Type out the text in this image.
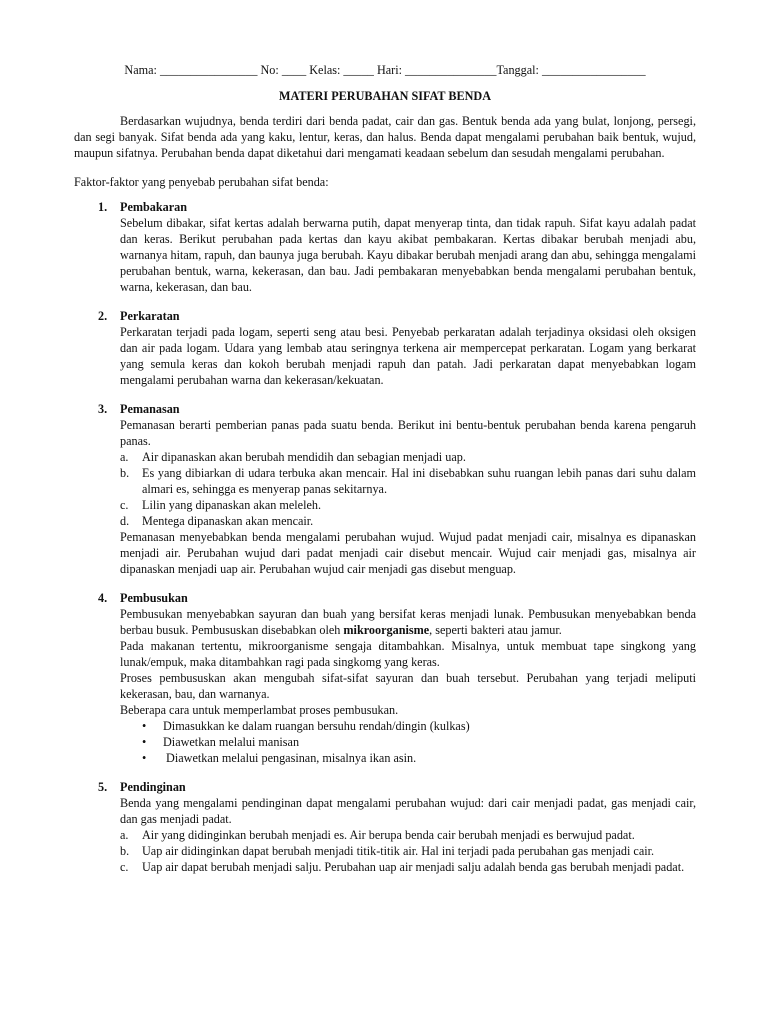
Nama: ________________ No: ____ Kelas: _____ Hari: _______________Tanggal: _________________
MATERI PERUBAHAN SIFAT BENDA

Berdasarkan wujudnya, benda terdiri dari benda padat, cair dan gas. Bentuk benda ada yang bulat, lonjong, persegi, dan segi banyak. Sifat benda ada yang kaku, lentur, keras, dan halus. Benda dapat mengalami perubahan baik bentuk, wujud, maupun sifatnya. Perubahan benda dapat diketahui dari mengamati keadaan sebelum dan sesudah mengalami perubahan.

Faktor-faktor yang penyebab perubahan sifat benda:

1. Pembakaran

Sebelum dibakar, sifat kertas adalah berwarna putih, dapat menyerap tinta, dan tidak rapuh. Sifat kayu adalah padat dan keras. Berikut perubahan pada kertas dan kayu akibat pembakaran. Kertas dibakar berubah menjadi abu, warnanya hitam, rapuh, dan baunya juga berubah. Kayu dibakar berubah menjadi arang dan abu, sehingga mengalami perubahan bentuk, warna, kekerasan, dan bau. Jadi pembakaran menyebabkan benda mengalami perubahan bentuk, warna, kekerasan, dan bau.

2. Perkaratan

Perkaratan terjadi pada logam, seperti seng atau besi. Penyebab perkaratan adalah terjadinya oksidasi oleh oksigen dan air pada logam. Udara yang lembab atau seringnya terkena air mempercepat perkaratan. Logam yang berkarat yang semula keras dan kokoh berubah menjadi rapuh dan patah. Jadi perkaratan dapat menyebabkan logam mengalami perubahan warna dan kekerasan/kekuatan.

3. Pemanasan

Pemanasan berarti pemberian panas pada suatu benda. Berikut ini bentu-bentuk perubahan benda karena pengaruh panas.

a. Air dipanaskan akan berubah mendidih dan sebagian menjadi uap.

b. Es yang dibiarkan di udara terbuka akan mencair. Hal ini disebabkan suhu ruangan lebih panas dari suhu dalam almari es, sehingga es menyerap panas sekitarnya.

c. Lilin yang dipanaskan akan meleleh.

d. Mentega dipanaskan akan mencair.

Pemanasan menyebabkan benda mengalami perubahan wujud. Wujud padat menjadi cair, misalnya es dipanaskan menjadi air. Perubahan wujud dari padat menjadi cair disebut mencair. Wujud cair menjadi gas, misalnya air dipanaskan menjadi uap air. Perubahan wujud cair menjadi gas disebut menguap.

4. Pembusukan

Pembusukan menyebabkan sayuran dan buah yang bersifat keras menjadi lunak. Pembusukan menyebabkan benda berbau busuk. Pembususkan disebabkan oleh mikroorganisme, seperti bakteri atau jamur.

Pada makanan tertentu, mikroorganisme sengaja ditambahkan. Misalnya, untuk membuat tape singkong yang lunak/empuk, maka ditambahkan ragi pada singkomg yang keras.

Proses pembususkan akan mengubah sifat-sifat sayuran dan buah tersebut. Perubahan yang terjadi meliputi kekerasan, bau, dan warnanya.

Beberapa cara untuk memperlambat proses pembusukan.

• Dimasukkan ke dalam ruangan bersuhu rendah/dingin (kulkas)
• Diawetkan melalui manisan
• Diawetkan melalui pengasinan, misalnya ikan asin.
5. Pendinginan

Benda yang mengalami pendinginan dapat mengalami perubahan wujud: dari cair menjadi padat, gas menjadi cair, dan gas menjadi padat.

a. Air yang didinginkan berubah menjadi es. Air berupa benda cair berubah menjadi es berwujud padat.

b. Uap air didinginkan dapat berubah menjadi titik-titik air. Hal ini terjadi pada perubahan gas menjadi cair.

c. Uap air dapat berubah menjadi salju. Perubahan uap air menjadi salju adalah benda gas berubah menjadi padat.
